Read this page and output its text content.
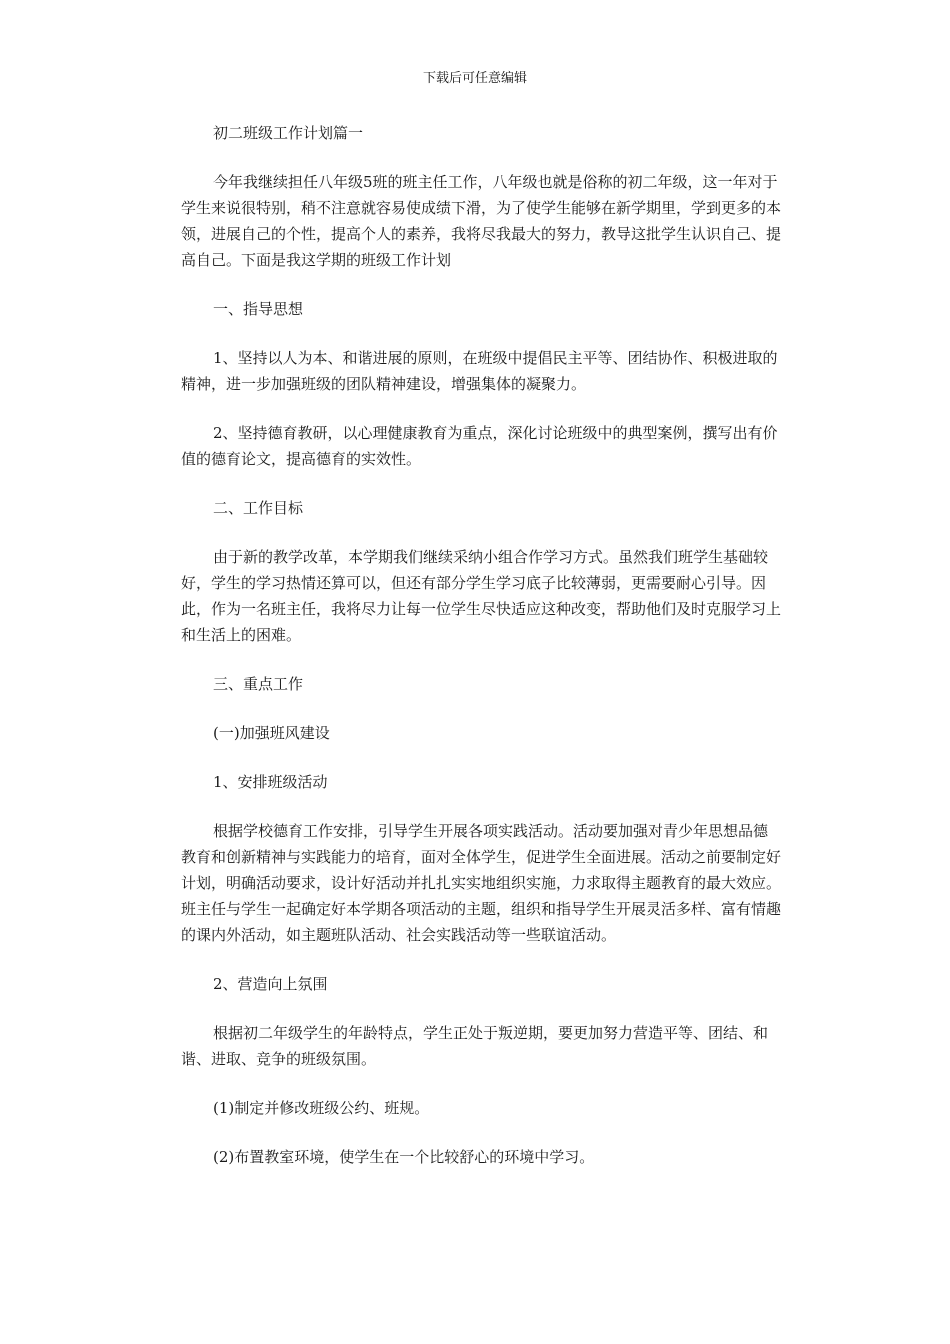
下载后可任意编辑

初二班级工作计划篇一

今年我继续担任八年级5班的班主任工作，八年级也就是俗称的初二年级，这一年对于学生来说很特别，稍不注意就容易使成绩下滑，为了使学生能够在新学期里，学到更多的本领，进展自己的个性，提高个人的素养，我将尽我最大的努力，教导这批学生认识自己、提高自己。下面是我这学期的班级工作计划

一、指导思想

1、坚持以人为本、和谐进展的原则，在班级中提倡民主平等、团结协作、积极进取的精神，进一步加强班级的团队精神建设，增强集体的凝聚力。

2、坚持德育教研，以心理健康教育为重点，深化讨论班级中的典型案例，撰写出有价值的德育论文，提高德育的实效性。

二、工作目标

由于新的教学改革，本学期我们继续采纳小组合作学习方式。虽然我们班学生基础较好，学生的学习热情还算可以，但还有部分学生学习底子比较薄弱，更需要耐心引导。因此，作为一名班主任，我将尽力让每一位学生尽快适应这种改变，帮助他们及时克服学习上和生活上的困难。

三、重点工作

(一)加强班风建设

1、安排班级活动

根据学校德育工作安排，引导学生开展各项实践活动。活动要加强对青少年思想品德教育和创新精神与实践能力的培育，面对全体学生，促进学生全面进展。活动之前要制定好计划，明确活动要求，设计好活动并扎扎实实地组织实施，力求取得主题教育的最大效应。班主任与学生一起确定好本学期各项活动的主题，组织和指导学生开展灵活多样、富有情趣的课内外活动，如主题班队活动、社会实践活动等一些联谊活动。

2、营造向上氛围

根据初二年级学生的年龄特点，学生正处于叛逆期，要更加努力营造平等、团结、和谐、进取、竞争的班级氛围。

(1)制定并修改班级公约、班规。

(2)布置教室环境，使学生在一个比较舒心的环境中学习。
